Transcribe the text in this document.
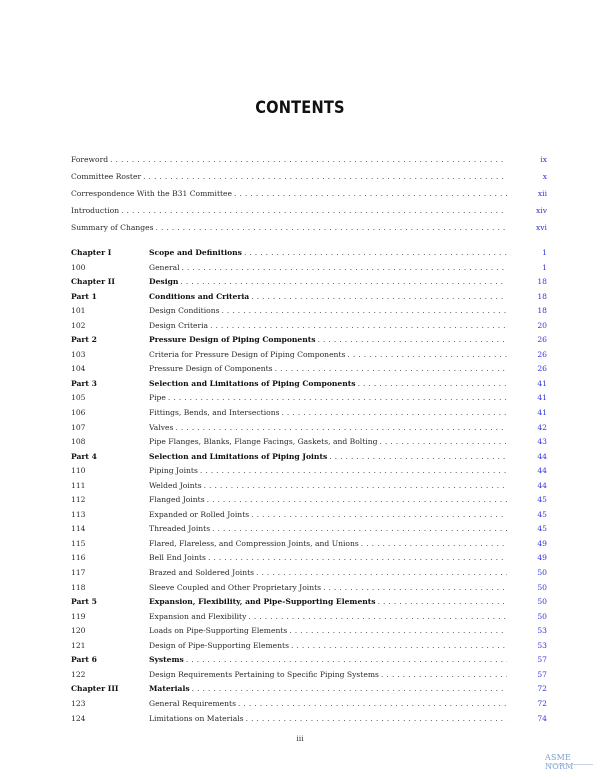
CONTENTS
Foreword . . .	ix
Committee Roster . . .	x
Correspondence With the B31 Committee . . .	xii
Introduction . . .	xiv
Summary of Changes . . .	xvi
Chapter I	Scope and Definitions . . .	1
100	General . . .	1
Chapter II	Design . . .	18
Part 1	Conditions and Criteria . . .	18
101	Design Conditions . . .	18
102	Design Criteria . . .	20
Part 2	Pressure Design of Piping Components . . .	26
103	Criteria for Pressure Design of Piping Components . . .	26
104	Pressure Design of Components . . .	26
Part 3	Selection and Limitations of Piping Components . . .	41
105	Pipe . . .	41
106	Fittings, Bends, and Intersections . . .	41
107	Valves . . .	42
108	Pipe Flanges, Blanks, Flange Facings, Gaskets, and Bolting . . .	43
Part 4	Selection and Limitations of Piping Joints . . .	44
110	Piping Joints . . .	44
111	Welded Joints . . .	44
112	Flanged Joints . . .	45
113	Expanded or Rolled Joints . . .	45
114	Threaded Joints . . .	45
115	Flared, Flareless, and Compression Joints, and Unions . . .	49
116	Bell End Joints . . .	49
117	Brazed and Soldered Joints . . .	50
118	Sleeve Coupled and Other Proprietary Joints . . .	50
Part 5	Expansion, Flexibility, and Pipe-Supporting Elements . . .	50
119	Expansion and Flexibility . . .	50
120	Loads on Pipe-Supporting Elements . . .	53
121	Design of Pipe-Supporting Elements . . .	53
Part 6	Systems . . .	57
122	Design Requirements Pertaining to Specific Piping Systems . . .	57
Chapter III	Materials . . .	72
123	General Requirements . . .	72
124	Limitations on Materials . . .	74
iii
ASME NORM
